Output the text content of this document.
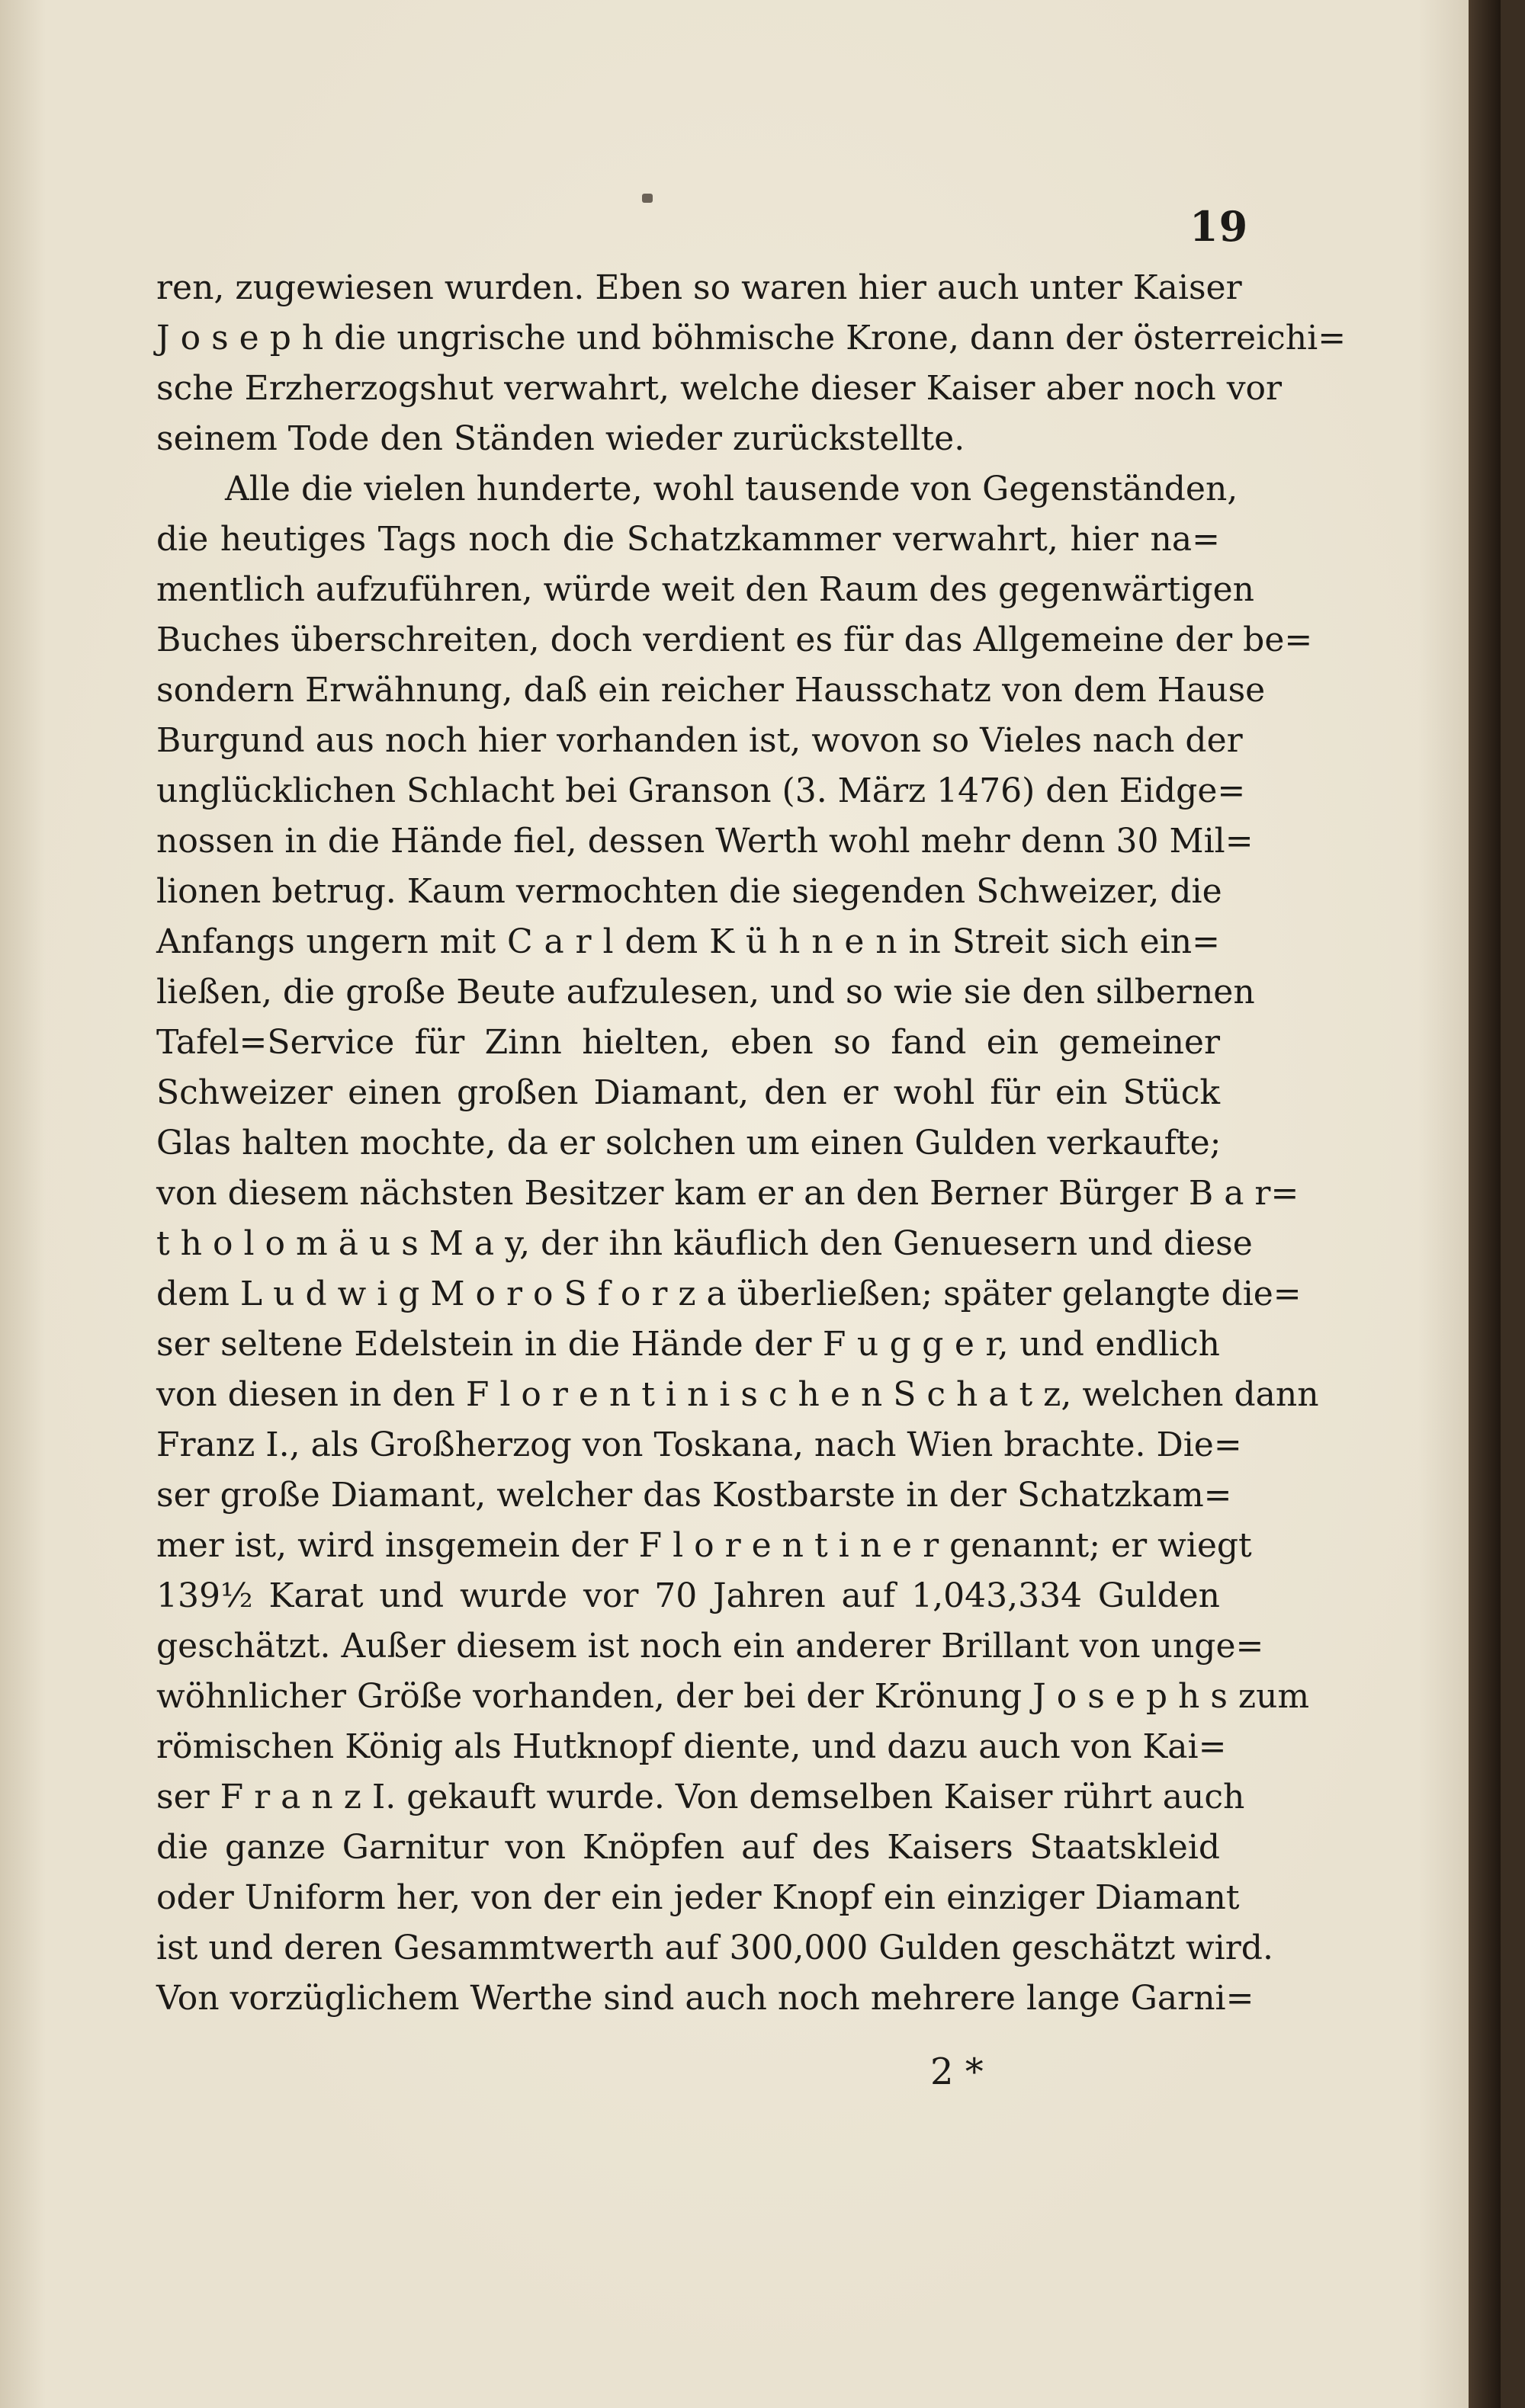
19
ren, zugewiesen wurden. Eben so waren hier auch unter Kaiser
J o s e p h die ungrische und böhmische Krone, dann der österreichi=
sche Erzherzogshut verwahrt, welche dieser Kaiser aber noch vor
seinem Tode den Ständen wieder zurückstellte.
Alle die vielen hunderte, wohl tausende von Gegenständen,
die heutiges Tags noch die Schatzkammer verwahrt, hier na=
mentlich aufzuführen, würde weit den Raum des gegenwärtigen
Buches überschreiten, doch verdient es für das Allgemeine der be=
sondern Erwähnung, daß ein reicher Hausschatz von dem Hause
Burgund aus noch hier vorhanden ist, wovon so Vieles nach der
unglücklichen Schlacht bei Granson (3. März 1476) den Eidge=
nossen in die Hände fiel, dessen Werth wohl mehr denn 30 Mil=
lionen betrug. Kaum vermochten die siegenden Schweizer, die
Anfangs ungern mit C a r l dem K ü h n e n in Streit sich ein=
ließen, die große Beute aufzulesen, und so wie sie den silbernen
Tafel=Service für Zinn hielten, eben so fand ein gemeiner
Schweizer einen großen Diamant, den er wohl für ein Stück
Glas halten mochte, da er solchen um einen Gulden verkaufte;
von diesem nächsten Besitzer kam er an den Berner Bürger B a r=
t h o l o m ä u s M a y, der ihn käuflich den Genuesern und diese
dem L u d w i g M o r o S f o r z a überließen; später gelangte die=
ser seltene Edelstein in die Hände der F u g g e r, und endlich
von diesen in den F l o r e n t i n i s c h e n S c h a t z, welchen dann
Franz I., als Großherzog von Toskana, nach Wien brachte. Die=
ser große Diamant, welcher das Kostbarste in der Schatzkam=
mer ist, wird insgemein der F l o r e n t i n e r genannt; er wiegt
139½ Karat und wurde vor 70 Jahren auf 1,043,334 Gulden
geschätzt. Außer diesem ist noch ein anderer Brillant von unge=
wöhnlicher Größe vorhanden, der bei der Krönung J o s e p h s zum
römischen König als Hutknopf diente, und dazu auch von Kai=
ser F r a n z I. gekauft wurde. Von demselben Kaiser rührt auch
die ganze Garnitur von Knöpfen auf des Kaisers Staatskleid
oder Uniform her, von der ein jeder Knopf ein einziger Diamant
ist und deren Gesammtwerth auf 300,000 Gulden geschätzt wird.
Von vorzüglichem Werthe sind auch noch mehrere lange Garni=
2 *
